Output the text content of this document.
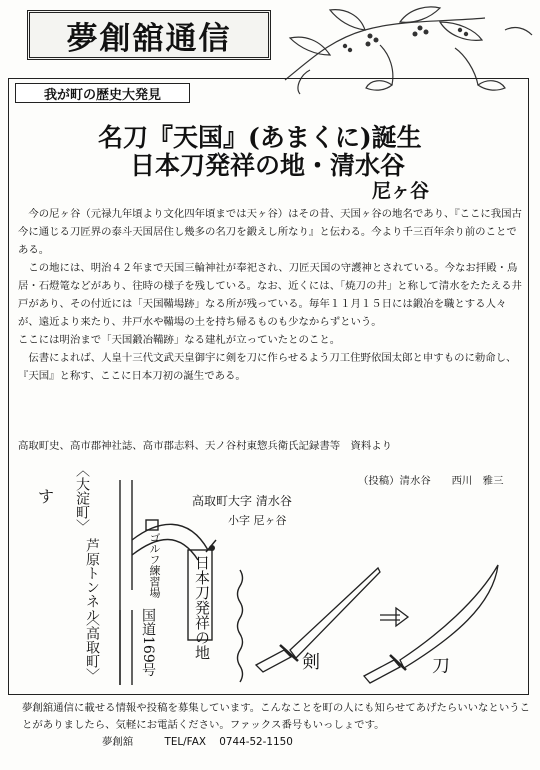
夢創舘通信
我が町の歴史大発見
名刀『天国』(あまくに)誕生
日本刀発祥の地・清水谷
尼ヶ谷

今の尼ヶ谷（元禄九年頃より文化四年頃までは天ヶ谷）はその昔、天国ヶ谷の地名であり、『ここに我国古今に通じる刀匠界の泰斗天国居住し幾多の名刀を鍛えし所なり』と伝わる。今より千三百年余り前のことである。

この地には、明治４２年まで天国三輪神社が奉祀され、刀匠天国の守護神とされている。今なお拝殿・鳥居・石燈篭などがあり、往時の様子を残している。なお、近くには、「焼刀の井」と称して清水をたたえる井戸があり、その付近には「天国鞴場跡」なる所が残っている。毎年１１月１５日には鍛冶を職とする人々が、遠近より来たり、井戸水や鞴場の土を持ち帰るものも少なからずという。

ここには明治まで「天国鍛冶鞴跡」なる建札が立っていたとのこと。

伝書によれば、人皇十三代文武天皇御宇に剣を刀に作らせるよう刀工住野依国太郎と申すものに勅命し、『天国』と称す、ここに日本刀初の誕生である。

高取町史、高市郡神社誌、高市郡志料、天ノ谷村東惣兵衛氏記録書等　資料より
（投稿）清水谷　　西川　雅三
す 〈大淀町〉
芦原トンネル
〈高取町〉	国道169号
ゴルフ練習場
高取町大字 清水谷
小字 尼ヶ谷
日本刀発祥の地
剣	刀
夢創舘通信に載せる情報や投稿を募集しています。こんなことを町の人にも知らせてあげたらいいなということがありましたら、気軽にお電話ください。ファックス番号もいっしょです。
夢創舘	TEL/FAX 0744-52-1150
